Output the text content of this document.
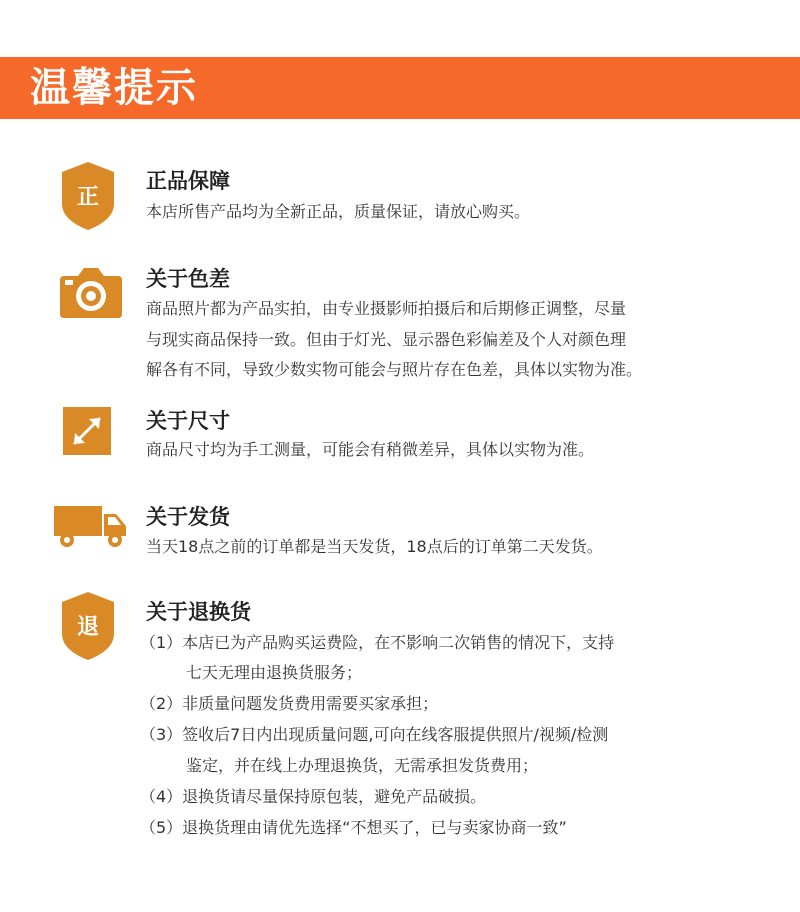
温馨提示
正
正品保障
本店所售产品均为全新正品，质量保证，请放心购买。
关于色差
商品照片都为产品实拍，由专业摄影师拍摄后和后期修正调整，尽量
与现实商品保持一致。但由于灯光、显示器色彩偏差及个人对颜色理
解各有不同，导致少数实物可能会与照片存在色差，具体以实物为准。
关于尺寸
商品尺寸均为手工测量，可能会有稍微差异，具体以实物为准。
关于发货
当天18点之前的订单都是当天发货，18点后的订单第二天发货。
退
关于退换货
（1）本店已为产品购买运费险，在不影响二次销售的情况下，支持
七天无理由退换货服务；
（2）非质量问题发货费用需要买家承担；
（3）签收后7日内出现质量问题,可向在线客服提供照片/视频/检测
鉴定，并在线上办理退换货，无需承担发货费用；
（4）退换货请尽量保持原包装，避免产品破损。
（5）退换货理由请优先选择“不想买了，已与卖家协商一致”
